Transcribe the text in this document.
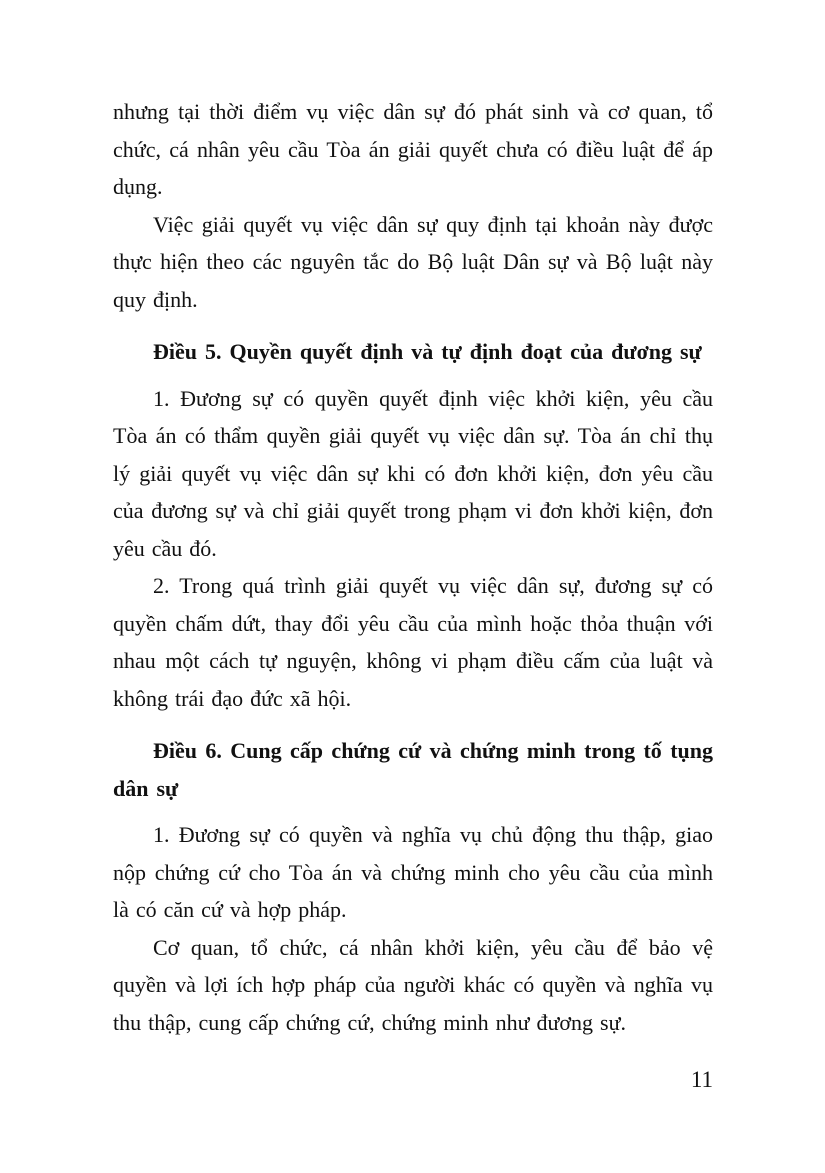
nhưng tại thời điểm vụ việc dân sự đó phát sinh và cơ quan, tổ chức, cá nhân yêu cầu Tòa án giải quyết chưa có điều luật để áp dụng.

Việc giải quyết vụ việc dân sự quy định tại khoản này được thực hiện theo các nguyên tắc do Bộ luật Dân sự và Bộ luật này quy định.

Điều 5. Quyền quyết định và tự định đoạt của đương sự

1. Đương sự có quyền quyết định việc khởi kiện, yêu cầu Tòa án có thẩm quyền giải quyết vụ việc dân sự. Tòa án chỉ thụ lý giải quyết vụ việc dân sự khi có đơn khởi kiện, đơn yêu cầu của đương sự và chỉ giải quyết trong phạm vi đơn khởi kiện, đơn yêu cầu đó.

2. Trong quá trình giải quyết vụ việc dân sự, đương sự có quyền chấm dứt, thay đổi yêu cầu của mình hoặc thỏa thuận với nhau một cách tự nguyện, không vi phạm điều cấm của luật và không trái đạo đức xã hội.

Điều 6. Cung cấp chứng cứ và chứng minh trong tố tụng dân sự

1. Đương sự có quyền và nghĩa vụ chủ động thu thập, giao nộp chứng cứ cho Tòa án và chứng minh cho yêu cầu của mình là có căn cứ và hợp pháp.

Cơ quan, tổ chức, cá nhân khởi kiện, yêu cầu để bảo vệ quyền và lợi ích hợp pháp của người khác có quyền và nghĩa vụ thu thập, cung cấp chứng cứ, chứng minh như đương sự.

11
